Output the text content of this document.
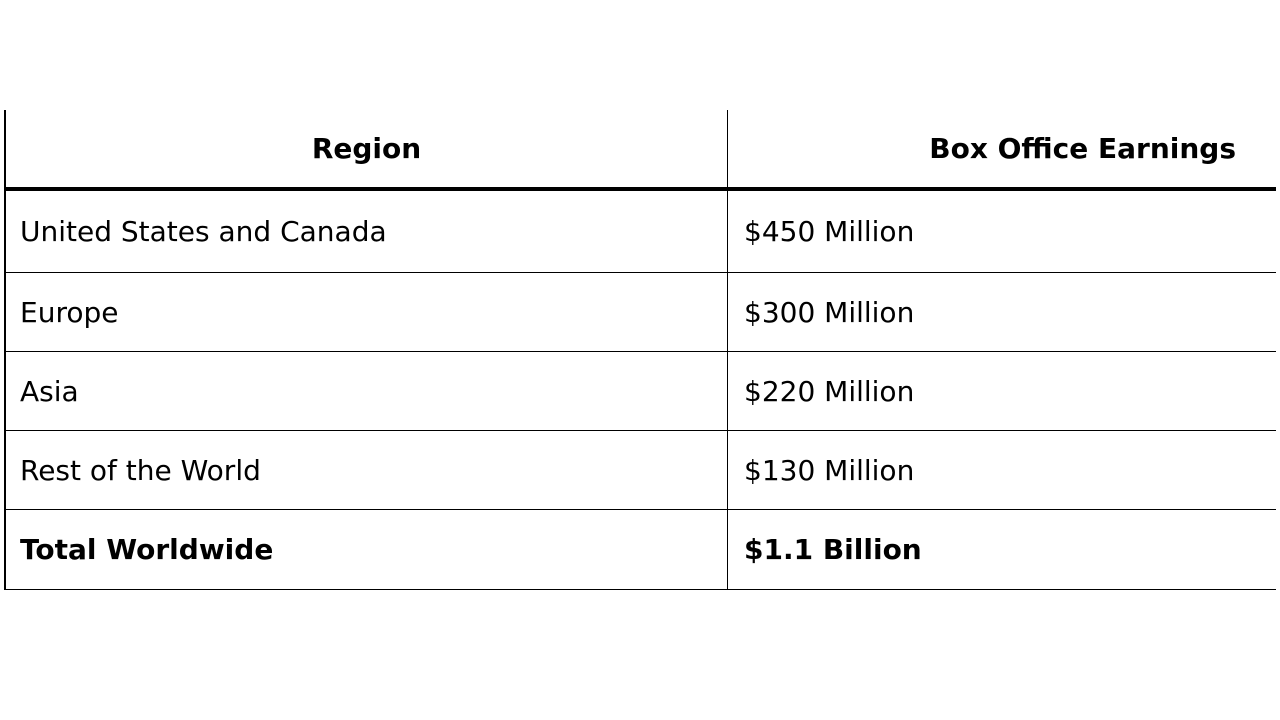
Region	Box Office Earnings
United States and Canada	$450 Million
Europe	$300 Million
Asia	$220 Million
Rest of the World	$130 Million
Total Worldwide	$1.1 Billion
